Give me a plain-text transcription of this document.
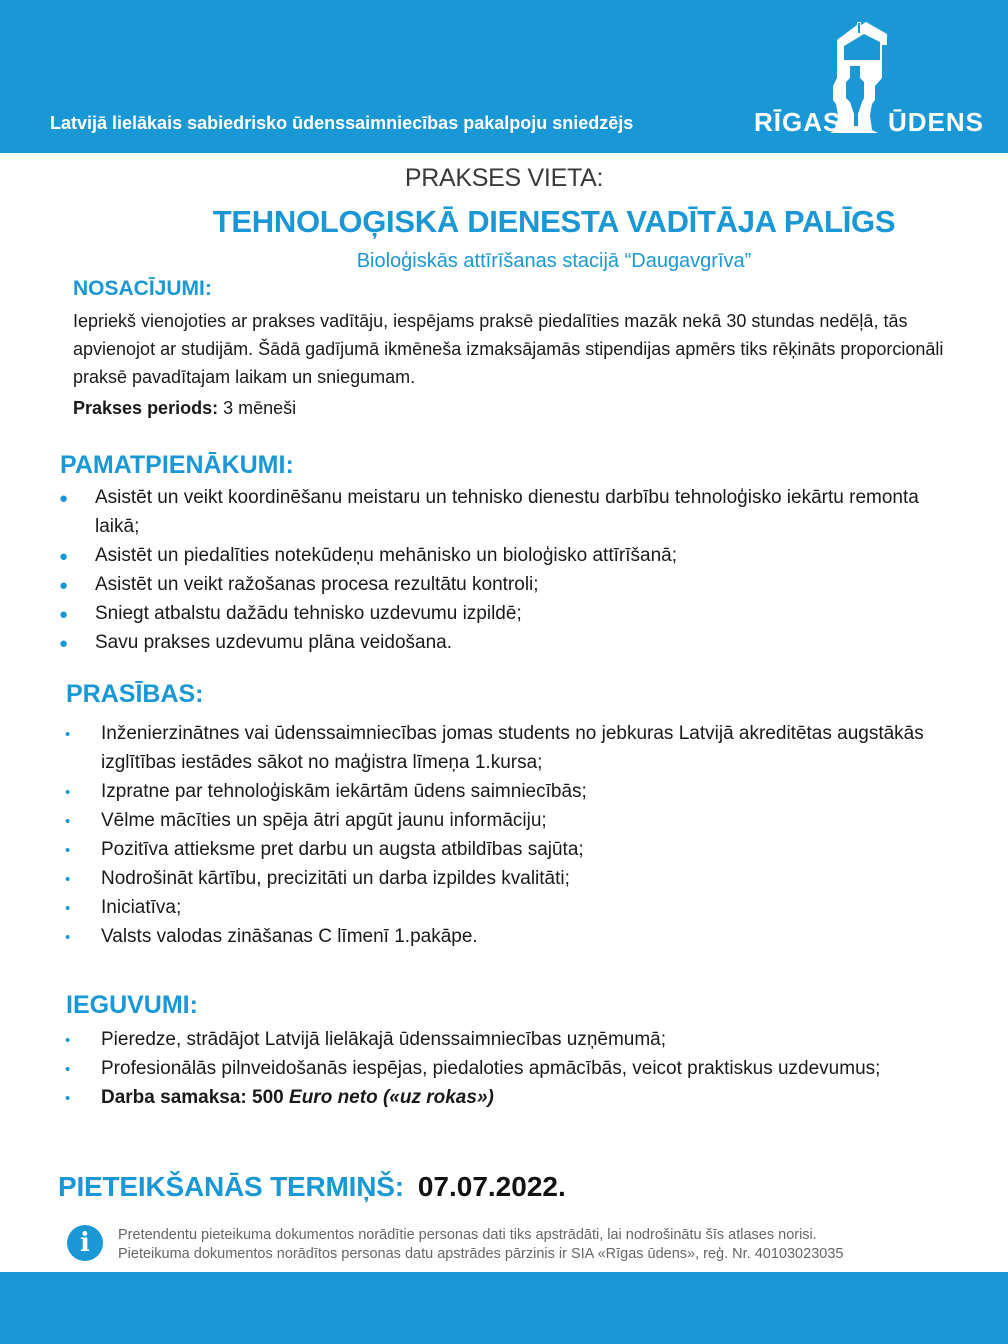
Latvijā lielākais sabiedrisko ūdenssaimniecības pakalpoju sniedzējs	RĪGAS ŪDENS
PRAKSES VIETA:
TEHNOLOĢISKĀ DIENESTA VADĪTĀJA PALĪGS
Bioloģiskās attīrīšanas stacijā “Daugavgrīva”
NOSACĪJUMI:
Iepriekš vienojoties ar prakses vadītāju, iespējams praksē piedalīties mazāk nekā 30 stundas nedēļā, tās apvienojot ar studijām. Šādā gadījumā ikmēneša izmaksājamās stipendijas apmērs tiks rēķināts proporcionāli praksē pavadītajam laikam un sniegumam.
Prakses periods: 3 mēneši
PAMATPIENĀKUMI:
● Asistēt un veikt koordinēšanu meistaru un tehnisko dienestu darbību tehnoloģisko iekārtu remonta laikā;
● Asistēt un piedalīties notekūdeņu mehānisko un bioloģisko attīrīšanā;
● Asistēt un veikt ražošanas procesa rezultātu kontroli;
● Sniegt atbalstu dažādu tehnisko uzdevumu izpildē;
● Savu prakses uzdevumu plāna veidošana.
PRASĪBAS:
• Inženierzinātnes vai ūdenssaimniecības jomas students no jebkuras Latvijā akreditētas augstākās izglītības iestādes sākot no maģistra līmeņa 1.kursa;
• Izpratne par tehnoloģiskām iekārtām ūdens saimniecībās;
• Vēlme mācīties un spēja ātri apgūt jaunu informāciju;
• Pozitīva attieksme pret darbu un augsta atbildības sajūta;
• Nodrošināt kārtību, precizitāti un darba izpildes kvalitāti;
• Iniciatīva;
• Valsts valodas zināšanas C līmenī 1.pakāpe.
IEGUVUMI:
• Pieredze, strādājot Latvijā lielākajā ūdenssaimniecības uzņēmumā;
• Profesionālās pilnveidošanās iespējas, piedaloties apmācībās, veicot praktiskus uzdevumus;
• Darba samaksa: 500 Euro neto («uz rokas»)
PIETEIKŠANĀS TERMIŅŠ: 07.07.2022.
i	Pretendentu pieteikuma dokumentos norādītie personas dati tiks apstrādāti, lai nodrošinātu šīs atlases norisi.
Pieteikuma dokumentos norādītos personas datu apstrādes pārzinis ir SIA «Rīgas ūdens», reģ. Nr. 40103023035
